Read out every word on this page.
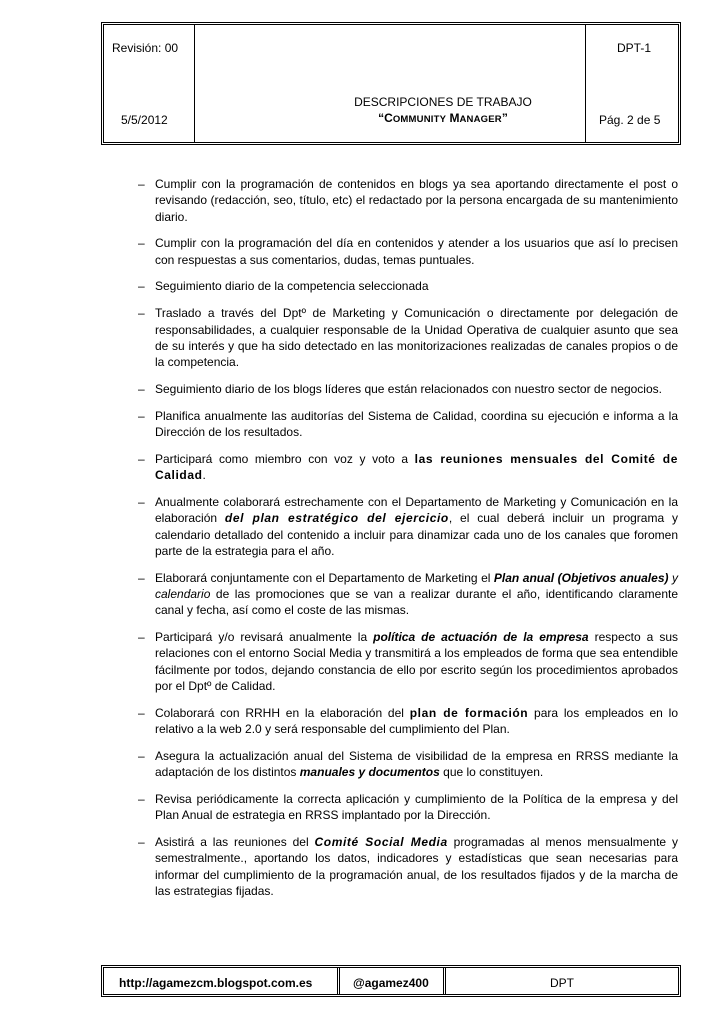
Revisión: 00
5/5/2012
DESCRIPCIONES DE TRABAJO
“COMMUNITY MANAGER”
DPT-1
Pág. 2 de 5
– Cumplir con la programación de contenidos en blogs ya sea aportando directamente el post o revisando (redacción, seo, título, etc) el redactado por la persona encargada de su mantenimiento diario.
– Cumplir con la programación del día en contenidos y atender a los usuarios que así lo precisen con respuestas a sus comentarios, dudas, temas puntuales.
– Seguimiento diario de la competencia seleccionada
– Traslado a través del Dptº de Marketing y Comunicación o directamente por delegación de responsabilidades, a cualquier responsable de la Unidad Operativa de cualquier asunto que sea de su interés y que ha sido detectado en las monitorizaciones realizadas de canales propios o de la competencia.
– Seguimiento diario de los blogs líderes que están relacionados con nuestro sector de negocios.
– Planifica anualmente las auditorías del Sistema de Calidad, coordina su ejecución e informa a la Dirección de los resultados.
– Participará como miembro con voz y voto a las reuniones mensuales del Comité de Calidad.
– Anualmente colaborará estrechamente con el Departamento de Marketing y Comunicación en la elaboración del plan estratégico del ejercicio, el cual deberá incluir un programa y calendario detallado del contenido a incluir para dinamizar cada uno de los canales que foromen parte de la estrategia para el año.
– Elaborará conjuntamente con el Departamento de Marketing el Plan anual (Objetivos anuales) y calendario de las promociones que se van a realizar durante el año, identificando claramente canal y fecha, así como el coste de las mismas.
– Participará y/o revisará anualmente la política de actuación de la empresa respecto a sus relaciones con el entorno Social Media y transmitirá a los empleados de forma que sea entendible fácilmente por todos, dejando constancia de ello por escrito según los procedimientos aprobados por el Dptº de Calidad.
– Colaborará con RRHH en la elaboración del plan de formación para los empleados en lo relativo a la web 2.0 y será responsable del cumplimiento del Plan.
– Asegura la actualización anual del Sistema de visibilidad de la empresa en RRSS mediante la adaptación de los distintos manuales y documentos que lo constituyen.
– Revisa periódicamente la correcta aplicación y cumplimiento de la Política de la empresa y del Plan Anual de estrategia en RRSS implantado por la Dirección.
– Asistirá a las reuniones del Comité Social Media programadas al menos mensualmente y semestralmente., aportando los datos, indicadores y estadísticas que sean necesarias para informar del cumplimiento de la programación anual, de los resultados fijados y de la marcha de las estrategias fijadas.
http://agamezcm.blogspot.com.es	@agamez400	DPT
